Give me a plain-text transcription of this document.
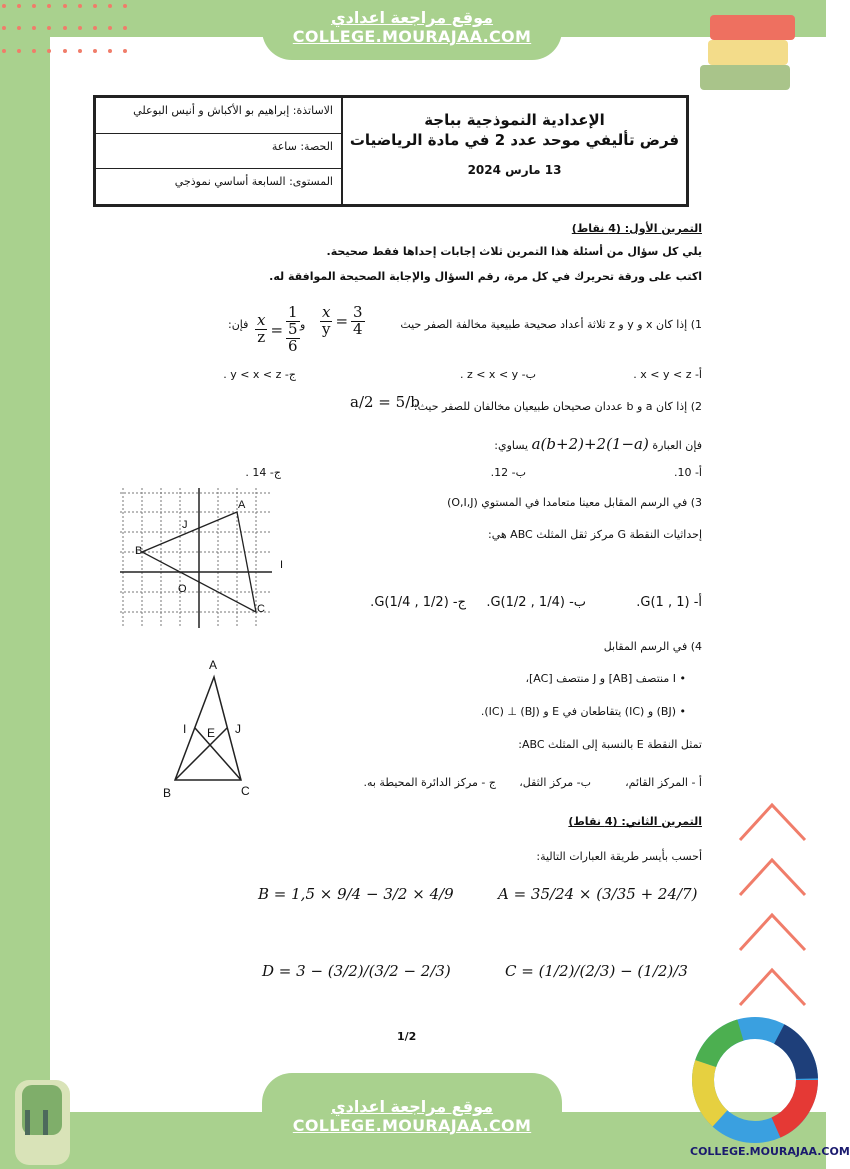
موقع مراجعة اعدادي
COLLEGE.MOURAJAA.COM
موقع مراجعة اعدادي
COLLEGE.MOURAJAA.COM
COLLEGE.MOURAJAA.COM
الإعدادية النموذجية بباجة
فرض تأليفي موحد عدد 2 في مادة الرياضيات
13 مارس 2024
الاساتذة: إبراهيم بو الأكباش و أنيس البوعلي
الحصة: ساعة
المستوى: السابعة أساسي نموذجي
التمرين الأول: (4 نقاط)
يلي كل سؤال من أسئلة هذا التمرين ثلاث إجابات إحداها فقط صحيحة.
اكتب على ورقة تحريرك في كل مرة، رقم السؤال والإجابة الصحيحة الموافقة له.
1) إذا كان x و y و z ثلاثة أعداد صحيحة طبيعية مخالفة الصفر حيث
x
y =
3
4
و
x
z =
1
5
6
فإن:
أ- x < y < z .
ب- z < x < y .
ج- y < x < z .
2) إذا كان a و b عددان صحيحان طبيعيان مخالفان للصفر حيث:
a/2 = 5/b
فإن العبارة a(b+2)+2(1−a) يساوي:
أ- 10.
ب- 12.
ج- 14 .
3) في الرسم المقابل معينا متعامدا في المستوي (O,I,J)
إحداثيات النقطة G مركز ثقل المثلث ABC هي:
أ- G(1 , 1).
ب- G(1/2 , 1/4).
ج- G(1/4 , 1/2).
A
B
C
J
I
O
4) في الرسم المقابل
• I منتصف [AB] و J منتصف [AC]،
• (BJ) و (IC) يتقاطعان في E و (BJ) ⊥ (IC).
تمثل النقطة E بالنسبة إلى المثلث ABC:
أ - المركز القائم،
ب- مركز الثقل،
ج - مركز الدائرة المحيطة به.
A
B	C
I	J
E
التمرين الثاني: (4 نقاط)
أحسب بأيسر طريقة العبارات التالية:
A = 35/24 × (3/35 + 24/7)
B = 1,5 × 9/4 − 3/2 × 4/9
C = (1/2)/(2/3) − (1/2)/3
D = 3 − (3/2)/(3/2 − 2/3)
1/2
